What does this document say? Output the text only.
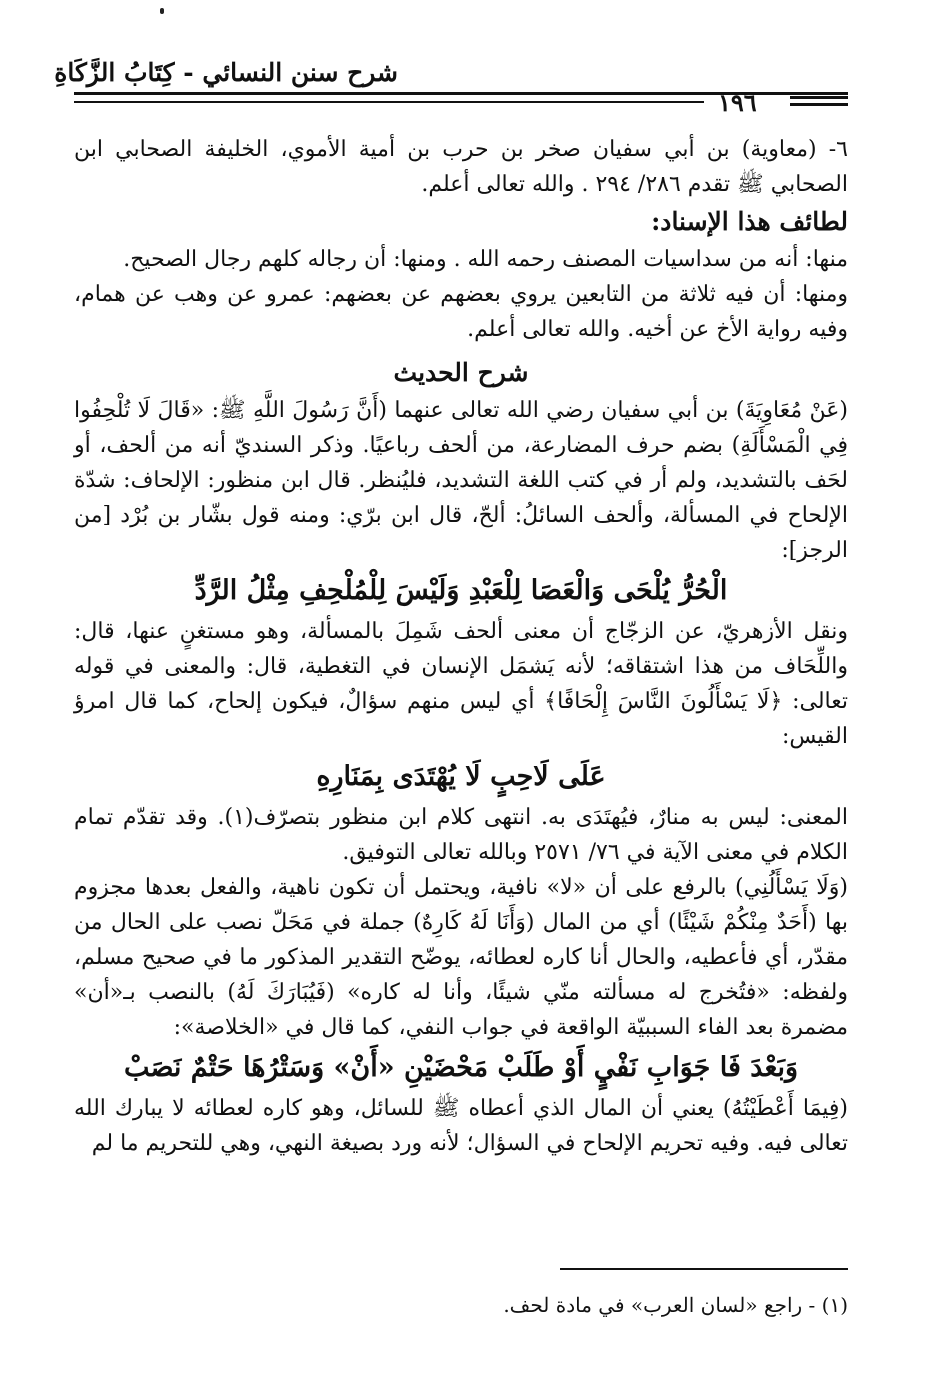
شرح سنن النسائي - كِتَابُ الزَّكَاةِ
١٩٦

٦- (معاوية) بن أبي سفيان صخر بن حرب بن أمية الأموي، الخليفة الصحابي ابن الصحابي ﷺ تقدم ٢٨٦/ ٢٩٤ . والله تعالى أعلم.

لطائف هذا الإسناد:

منها: أنه من سداسيات المصنف رحمه الله . ومنها: أن رجاله كلهم رجال الصحيح.

ومنها: أن فيه ثلاثة من التابعين يروي بعضهم عن بعضهم: عمرو عن وهب عن همام، وفيه رواية الأخ عن أخيه. والله تعالى أعلم.

شرح الحديث

(عَنْ مُعَاوِيَةَ) بن أبي سفيان رضي الله تعالى عنهما (أَنَّ رَسُولَ اللَّهِ ﷺ: «قَالَ لَا تُلْحِفُوا فِي الْمَسْأَلَةِ) بضم حرف المضارعة، من ألحف رباعيًا. وذكر السنديّ أنه من ألحف، أو لحَف بالتشديد، ولم أر في كتب اللغة التشديد، فليُنظر. قال ابن منظور: الإلحاف: شدّة الإلحاح في المسألة، وألحف السائلُ: ألحّ، قال ابن برّي: ومنه قول بشّار بن بُرْد [من الرجز]:

الْحُرُّ يُلْحَى وَالْعَصَا لِلْعَبْدِ وَلَيْسَ لِلْمُلْحِفِ مِثْلُ الرَّدِّ

ونقل الأزهريّ، عن الزجّاج أن معنى ألحف شَمِلَ بالمسألة، وهو مستغنٍ عنها، قال: واللِّحَاف من هذا اشتقاقه؛ لأنه يَشمَل الإنسان في التغطية، قال: والمعنى في قوله تعالى: ﴿لَا يَسْأَلُونَ النَّاسَ إِلْحَافًا﴾ أي ليس منهم سؤالٌ، فيكون إلحاح، كما قال امرؤ القيس:

عَلَى لَاحِبٍ لَا يُهْتَدَى بِمَنَارِهِ

المعنى: ليس به منارٌ، فيُهتَدَى به. انتهى كلام ابن منظور بتصرّف(١). وقد تقدّم تمام الكلام في معنى الآية في ٧٦/ ٢٥٧١ وبالله تعالى التوفيق.

(وَلَا يَسْأَلُنِي) بالرفع على أن «لا» نافية، ويحتمل أن تكون ناهية، والفعل بعدها مجزوم بها (أَحَدٌ مِنْكُمْ شَيْئًا) أي من المال (وَأَنَا لَهُ كَارِهٌ) جملة في مَحَلّ نصب على الحال من مقدّر، أي فأعطيه، والحال أنا كاره لعطائه، يوضّح التقدير المذكور ما في صحيح مسلم، ولفظه: «فتُخرج له مسألته منّي شيئًا، وأنا له كاره» (فَيُبَارَكَ لَهُ) بالنصب بـ«أن» مضمرة بعد الفاء السببيّة الواقعة في جواب النفي، كما قال في «الخلاصة»:

وَبَعْدَ فَا جَوَابِ نَفْيٍ أَوْ طَلَبْ مَحْضَيْنِ «أَنْ» وَسَتْرُهَا حَتْمٌ نَصَبْ

(فِيمَا أَعْطَيْتُهُ) يعني أن المال الذي أعطاه ﷺ للسائل، وهو كاره لعطائه لا يبارك الله تعالى فيه. وفيه تحريم الإلحاح في السؤال؛ لأنه ورد بصيغة النهي، وهي للتحريم ما لم

(١) - راجع «لسان العرب» في مادة لحف.
